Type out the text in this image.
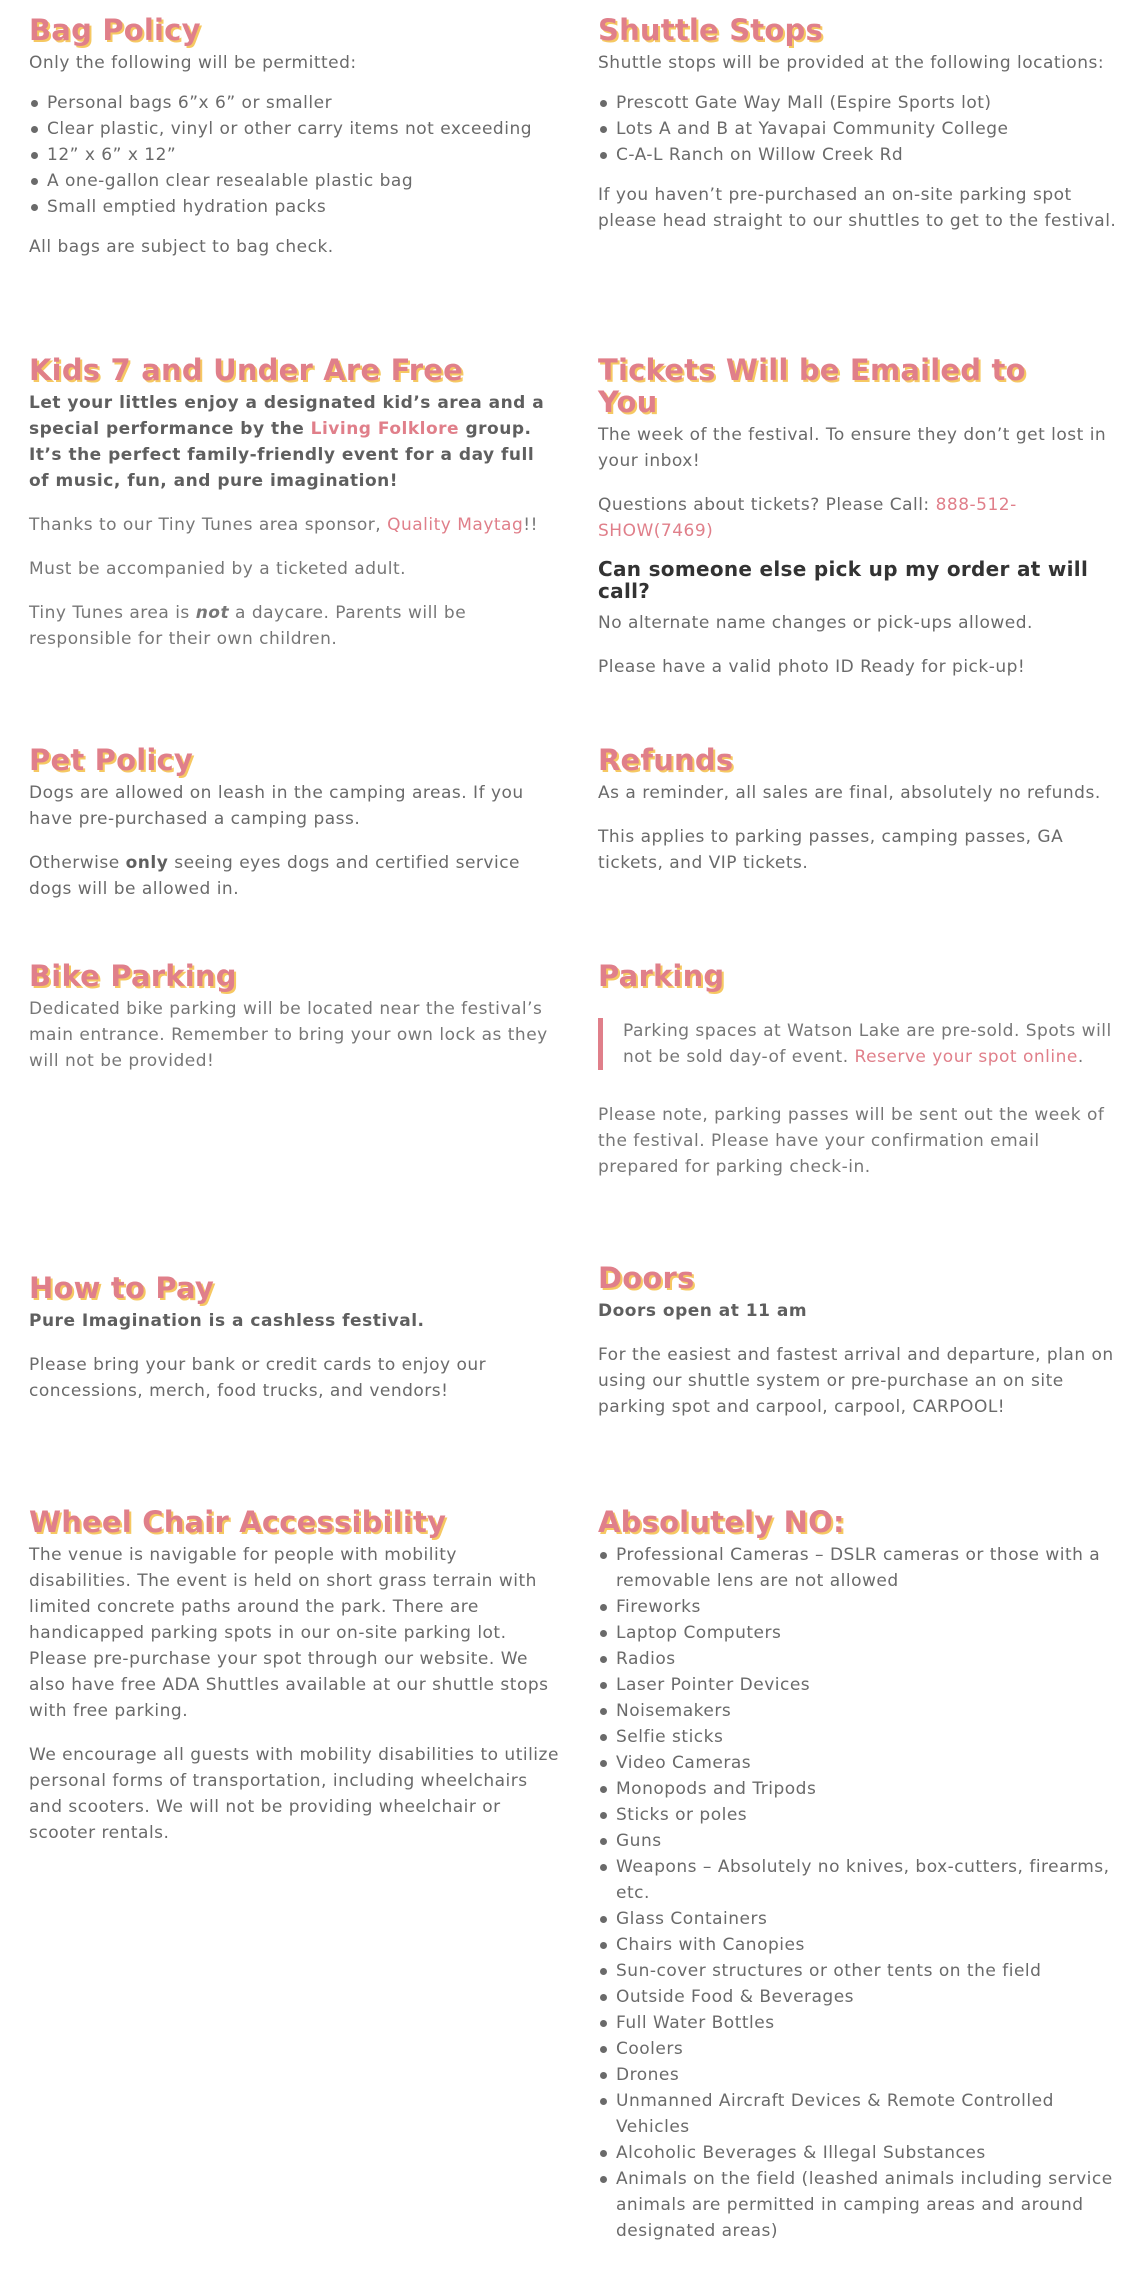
Bag Policy

Only the following will be permitted:

Personal bags 6”x 6” or smaller
Clear plastic, vinyl or other carry items not exceeding
12” x 6” x 12”
A one-gallon clear resealable plastic bag
Small emptied hydration packs

All bags are subject to bag check.

Shuttle Stops

Shuttle stops will be provided at the following locations:

Prescott Gate Way Mall (Espire Sports lot)
Lots A and B at Yavapai Community College
C-A-L Ranch on Willow Creek Rd

If you haven’t pre-purchased an on-site parking spot please head straight to our shuttles to get to the festival.

Kids 7 and Under Are Free

Let your littles enjoy a designated kid’s area and a special performance by the Living Folklore group. It’s the perfect family-friendly event for a day full of music, fun, and pure imagination!

Thanks to our Tiny Tunes area sponsor, Quality Maytag!!

Must be accompanied by a ticketed adult.

Tiny Tunes area is not a daycare. Parents will be responsible for their own children.

Tickets Will be Emailed to You

The week of the festival. To ensure they don’t get lost in your inbox!

Questions about tickets? Please Call: 888-512-SHOW(7469)

Can someone else pick up my order at will call?

No alternate name changes or pick-ups allowed.

Please have a valid photo ID Ready for pick-up!

Pet Policy

Dogs are allowed on leash in the camping areas. If you have pre-purchased a camping pass.

Otherwise only seeing eyes dogs and certified service dogs will be allowed in.

Refunds

As a reminder, all sales are final, absolutely no refunds.

This applies to parking passes, camping passes, GA tickets, and VIP tickets.

Bike Parking

Dedicated bike parking will be located near the festival’s main entrance. Remember to bring your own lock as they will not be provided!

Parking

Parking spaces at Watson Lake are pre-sold. Spots will not be sold day-of event. Reserve your spot online.

Please note, parking passes will be sent out the week of the festival. Please have your confirmation email prepared for parking check-in.

How to Pay

Pure Imagination is a cashless festival.

Please bring your bank or credit cards to enjoy our concessions, merch, food trucks, and vendors!

Doors

Doors open at 11 am

For the easiest and fastest arrival and departure, plan on using our shuttle system or pre-purchase an on site parking spot and carpool, carpool, CARPOOL!

Wheel Chair Accessibility

The venue is navigable for people with mobility disabilities. The event is held on short grass terrain with limited concrete paths around the park. There are handicapped parking spots in our on-site parking lot. Please pre-purchase your spot through our website. We also have free ADA Shuttles available at our shuttle stops with free parking.

We encourage all guests with mobility disabilities to utilize personal forms of transportation, including wheelchairs and scooters. We will not be providing wheelchair or scooter rentals.

Absolutely NO:
Professional Cameras – DSLR cameras or those with a removable lens are not allowed
Fireworks
Laptop Computers
Radios
Laser Pointer Devices
Noisemakers
Selfie sticks
Video Cameras
Monopods and Tripods
Sticks or poles
Guns
Weapons – Absolutely no knives, box-cutters, firearms, etc.
Glass Containers
Chairs with Canopies
Sun-cover structures or other tents on the field
Outside Food & Beverages
Full Water Bottles
Coolers
Drones
Unmanned Aircraft Devices & Remote Controlled Vehicles
Alcoholic Beverages & Illegal Substances
Animals on the field (leashed animals including service animals are permitted in camping areas and around designated areas)
